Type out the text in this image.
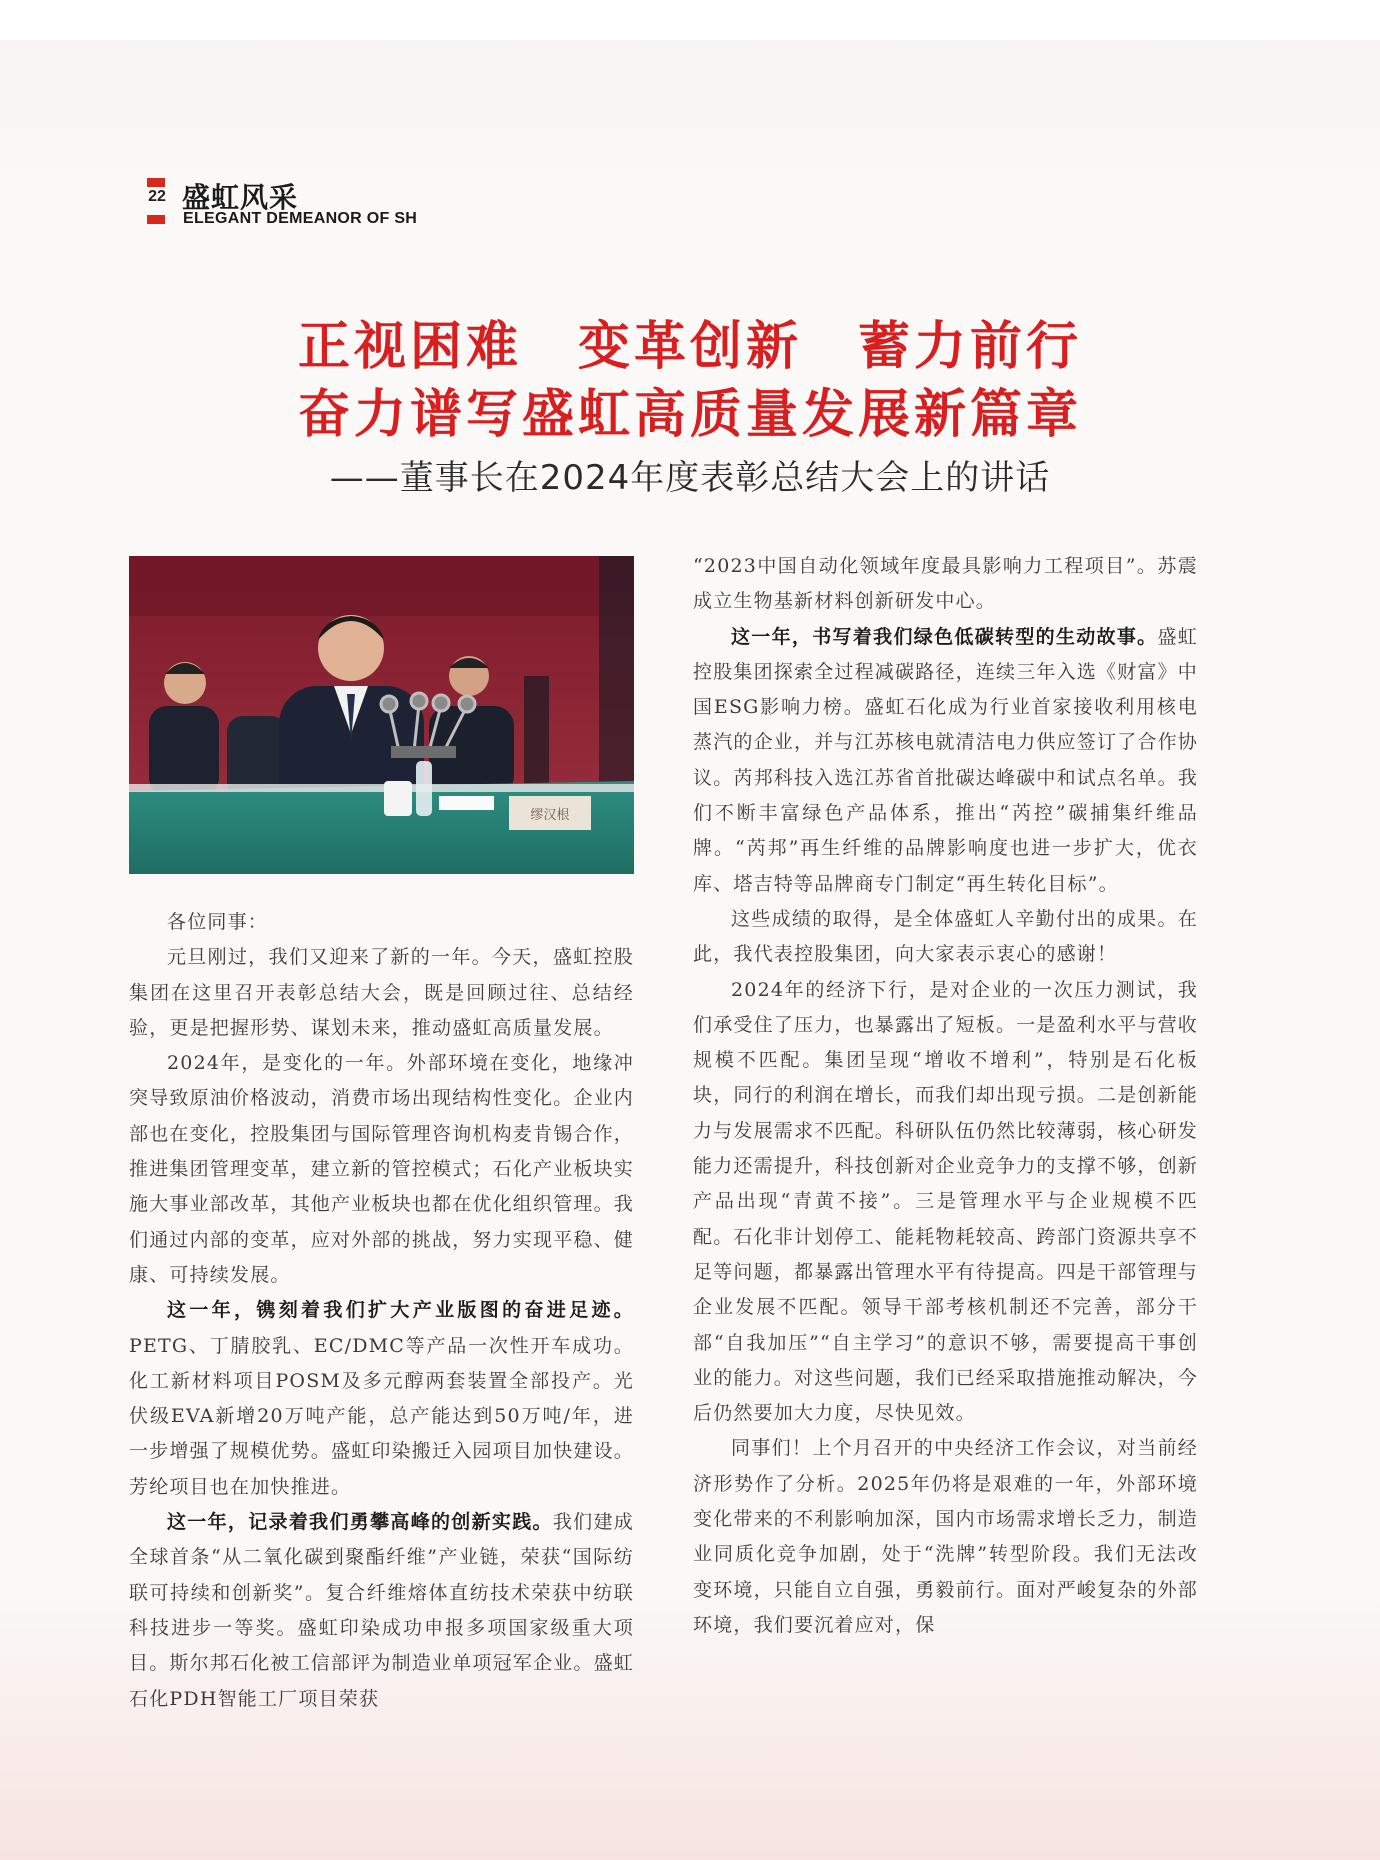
22 盛虹风采
ELEGANT DEMEANOR OF SH
正视困难　变革创新　蓄力前行
奋力谱写盛虹高质量发展新篇章
——董事长在2024年度表彰总结大会上的讲话
缪汉根

各位同事：

元旦刚过，我们又迎来了新的一年。今天，盛虹控股集团在这里召开表彰总结大会，既是回顾过往、总结经验，更是把握形势、谋划未来，推动盛虹高质量发展。

2024年，是变化的一年。外部环境在变化，地缘冲突导致原油价格波动，消费市场出现结构性变化。企业内部也在变化，控股集团与国际管理咨询机构麦肯锡合作，推进集团管理变革，建立新的管控模式；石化产业板块实施大事业部改革，其他产业板块也都在优化组织管理。我们通过内部的变革，应对外部的挑战，努力实现平稳、健康、可持续发展。

这一年，镌刻着我们扩大产业版图的奋进足迹。PETG、丁腈胶乳、EC/DMC等产品一次性开车成功。化工新材料项目POSM及多元醇两套装置全部投产。光伏级EVA新增20万吨产能，总产能达到50万吨/年，进一步增强了规模优势。盛虹印染搬迁入园项目加快建设。芳纶项目也在加快推进。

这一年，记录着我们勇攀高峰的创新实践。我们建成全球首条“从二氧化碳到聚酯纤维”产业链，荣获“国际纺联可持续和创新奖”。复合纤维熔体直纺技术荣获中纺联科技进步一等奖。盛虹印染成功申报多项国家级重大项目。斯尔邦石化被工信部评为制造业单项冠军企业。盛虹石化PDH智能工厂项目荣获

“2023中国自动化领域年度最具影响力工程项目”。苏震成立生物基新材料创新研发中心。

这一年，书写着我们绿色低碳转型的生动故事。盛虹控股集团探索全过程减碳路径，连续三年入选《财富》中国ESG影响力榜。盛虹石化成为行业首家接收利用核电蒸汽的企业，并与江苏核电就清洁电力供应签订了合作协议。芮邦科技入选江苏省首批碳达峰碳中和试点名单。我们不断丰富绿色产品体系，推出“芮控”碳捕集纤维品牌。“芮邦”再生纤维的品牌影响度也进一步扩大，优衣库、塔吉特等品牌商专门制定“再生转化目标”。

这些成绩的取得，是全体盛虹人辛勤付出的成果。在此，我代表控股集团，向大家表示衷心的感谢！

2024年的经济下行，是对企业的一次压力测试，我们承受住了压力，也暴露出了短板。一是盈利水平与营收规模不匹配。集团呈现“增收不增利”，特别是石化板块，同行的利润在增长，而我们却出现亏损。二是创新能力与发展需求不匹配。科研队伍仍然比较薄弱，核心研发能力还需提升，科技创新对企业竞争力的支撑不够，创新产品出现“青黄不接”。三是管理水平与企业规模不匹配。石化非计划停工、能耗物耗较高、跨部门资源共享不足等问题，都暴露出管理水平有待提高。四是干部管理与企业发展不匹配。领导干部考核机制还不完善，部分干部“自我加压”“自主学习”的意识不够，需要提高干事创业的能力。对这些问题，我们已经采取措施推动解决，今后仍然要加大力度，尽快见效。

同事们！上个月召开的中央经济工作会议，对当前经济形势作了分析。2025年仍将是艰难的一年，外部环境变化带来的不利影响加深，国内市场需求增长乏力，制造业同质化竞争加剧，处于“洗牌”转型阶段。我们无法改变环境，只能自立自强，勇毅前行。面对严峻复杂的外部环境，我们要沉着应对，保
